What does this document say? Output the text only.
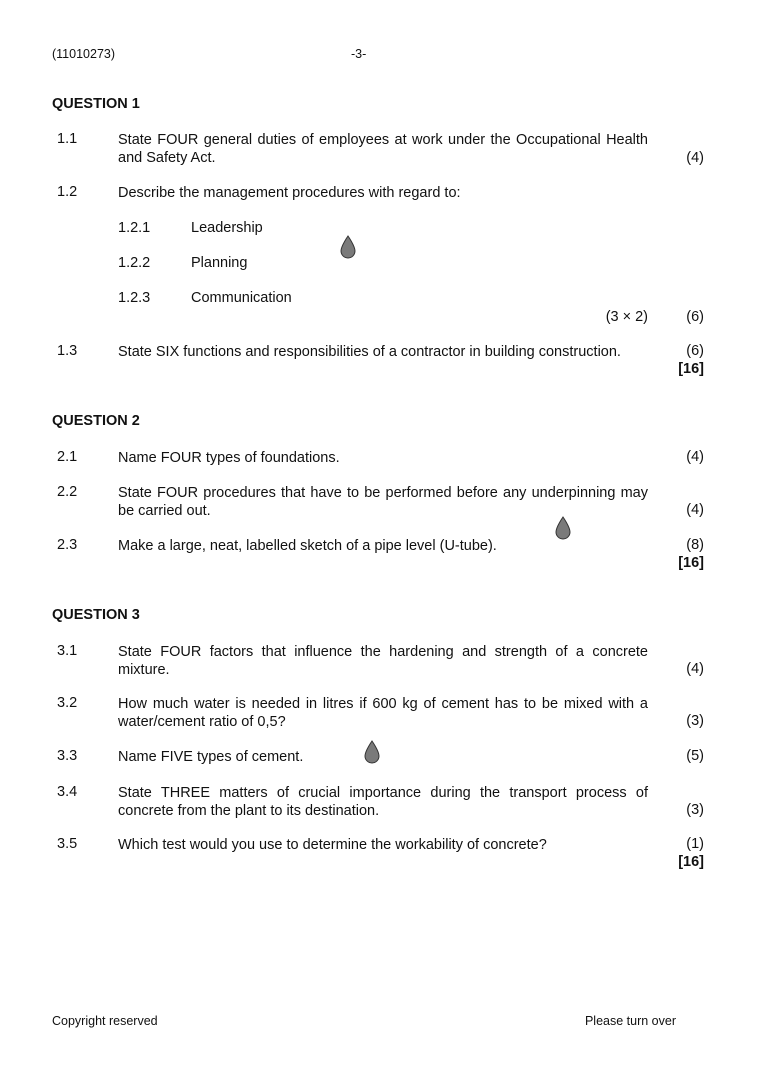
(11010273)	-3-
QUESTION 1
1.1	State FOUR general duties of employees at work under the Occupational Health and Safety Act.	(4)
1.2	Describe the management procedures with regard to:
1.2.1	Leadership
1.2.2	Planning
1.2.3	Communication
(3 × 2)	(6)
1.3	State SIX functions and responsibilities of a contractor in building construction.	(6)
[16]
QUESTION 2
2.1	Name FOUR types of foundations.	(4)
2.2	State FOUR procedures that have to be performed before any underpinning may be carried out.	(4)
2.3	Make a large, neat, labelled sketch of a pipe level (U-tube).	(8)
[16]
QUESTION 3
3.1	State FOUR factors that influence the hardening and strength of a concrete mixture.	(4)
3.2	How much water is needed in litres if 600 kg of cement has to be mixed with a water/cement ratio of 0,5?	(3)
3.3	Name FIVE types of cement.	(5)
3.4	State THREE matters of crucial importance during the transport process of concrete from the plant to its destination.	(3)
3.5	Which test would you use to determine the workability of concrete?	(1)
[16]
Copyright reserved	Please turn over
